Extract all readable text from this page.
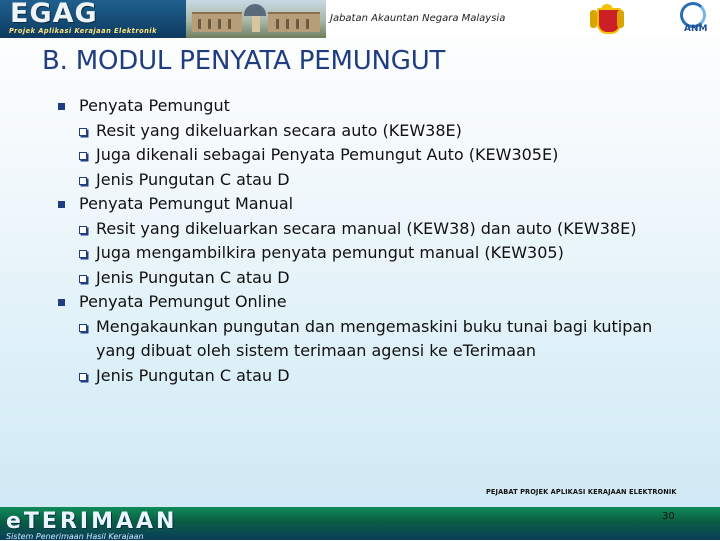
EGAG
Projek Aplikasi Kerajaan Elektronik
Jabatan Akauntan Negara Malaysia
ANM
B. MODUL PENYATA PEMUNGUT
Penyata Pemungut
Resit yang dikeluarkan secara auto (KEW38E)
Juga dikenali sebagai Penyata Pemungut Auto (KEW305E)
Jenis Pungutan C atau D
Penyata Pemungut Manual
Resit yang dikeluarkan secara manual (KEW38) dan auto (KEW38E)
Juga mengambilkira penyata pemungut manual (KEW305)
Jenis Pungutan C atau D
Penyata Pemungut Online
Mengakaunkan pungutan dan mengemaskini buku tunai bagi kutipan yang dibuat oleh sistem terimaan agensi ke eTerimaan
Jenis Pungutan C atau D
PEJABAT PROJEK APLIKASI KERAJAAN ELEKTRONIK
eTERIMAAN
Sistem Penerimaan Hasil Kerajaan
30
